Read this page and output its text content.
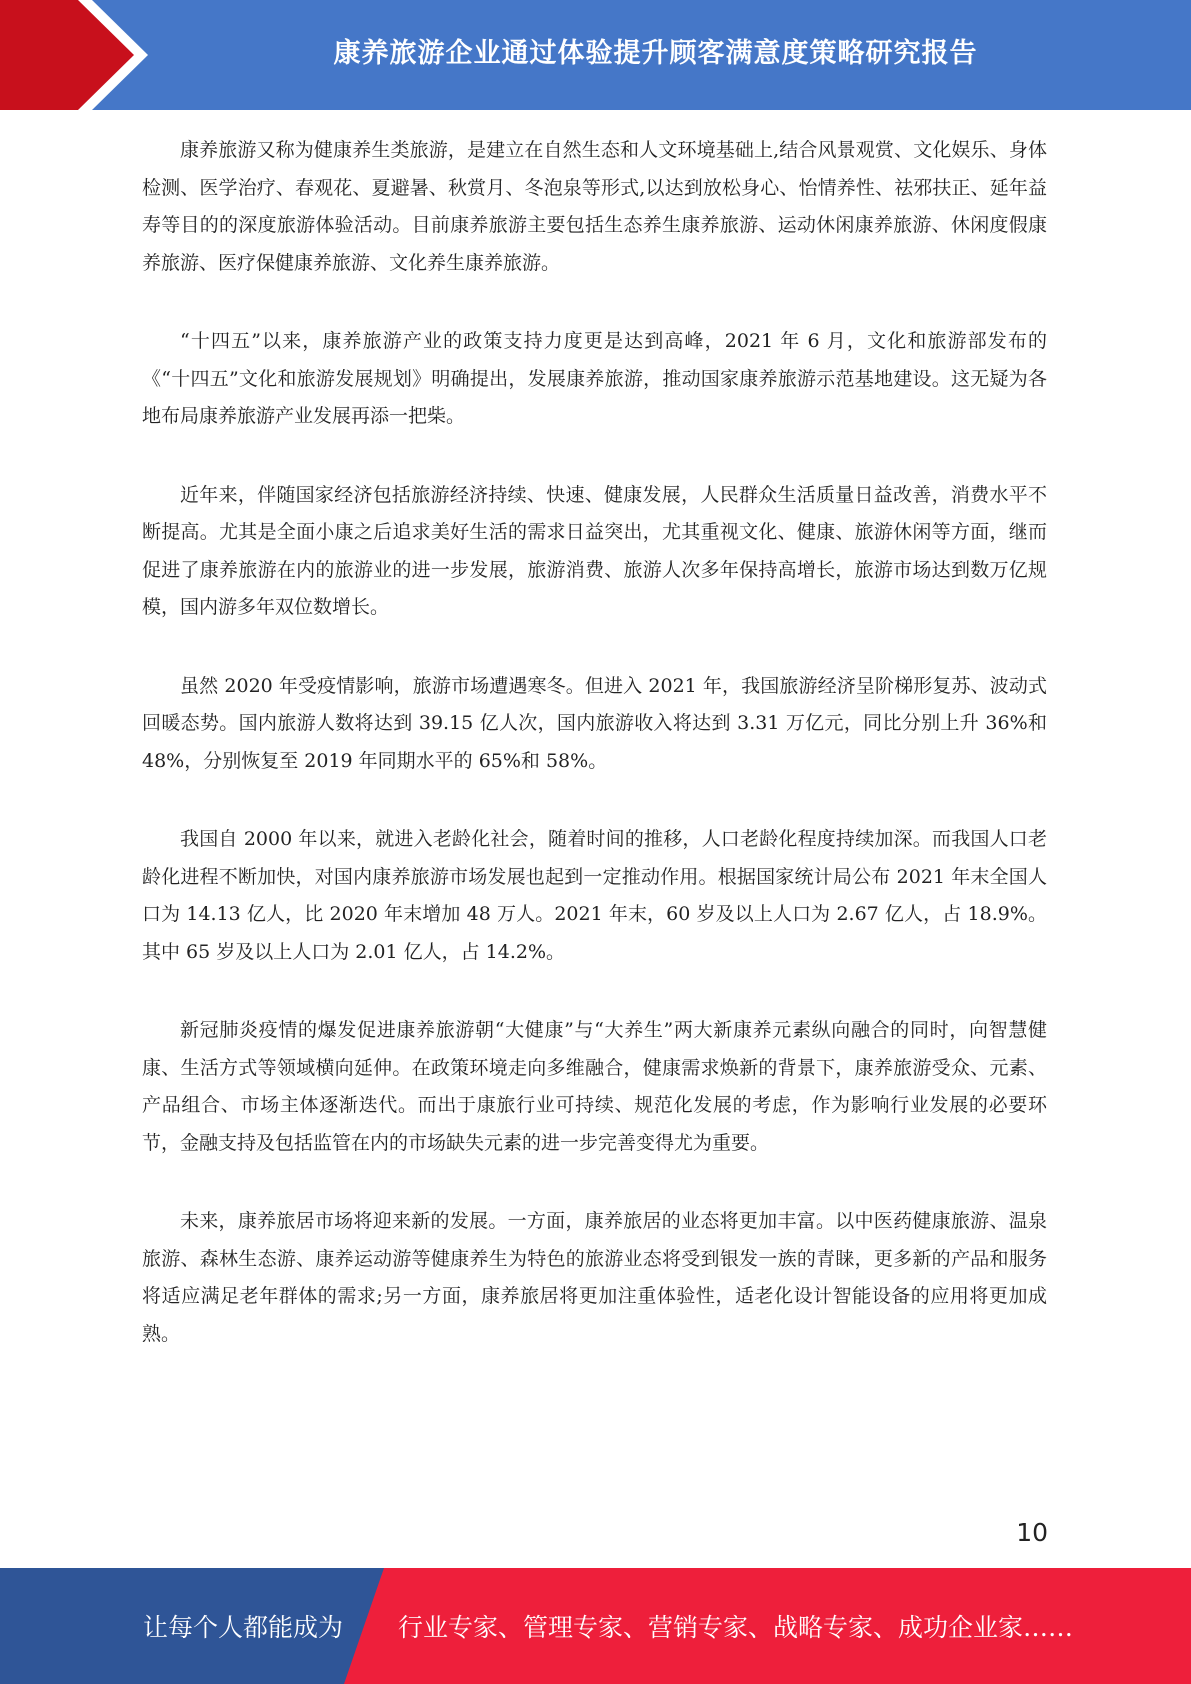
康养旅游企业通过体验提升顾客满意度策略研究报告

康养旅游又称为健康养生类旅游，是建立在自然生态和人文环境基础上,结合风景观赏、文化娱乐、身体检测、医学治疗、春观花、夏避暑、秋赏月、冬泡泉等形式,以达到放松身心、怡情养性、祛邪扶正、延年益寿等目的的深度旅游体验活动。目前康养旅游主要包括生态养生康养旅游、运动休闲康养旅游、休闲度假康养旅游、医疗保健康养旅游、文化养生康养旅游。

“十四五”以来，康养旅游产业的政策支持力度更是达到高峰，2021 年 6 月，文化和旅游部发布的《“十四五”文化和旅游发展规划》明确提出，发展康养旅游，推动国家康养旅游示范基地建设。这无疑为各地布局康养旅游产业发展再添一把柴。

近年来，伴随国家经济包括旅游经济持续、快速、健康发展，人民群众生活质量日益改善，消费水平不断提高。尤其是全面小康之后追求美好生活的需求日益突出，尤其重视文化、健康、旅游休闲等方面，继而促进了康养旅游在内的旅游业的进一步发展，旅游消费、旅游人次多年保持高增长，旅游市场达到数万亿规模，国内游多年双位数增长。

虽然 2020 年受疫情影响，旅游市场遭遇寒冬。但进入 2021 年，我国旅游经济呈阶梯形复苏、波动式回暖态势。国内旅游人数将达到 39.15 亿人次，国内旅游收入将达到 3.31 万亿元，同比分别上升 36%和 48%，分别恢复至 2019 年同期水平的 65%和 58%。

我国自 2000 年以来，就进入老龄化社会，随着时间的推移，人口老龄化程度持续加深。而我国人口老龄化进程不断加快，对国内康养旅游市场发展也起到一定推动作用。根据国家统计局公布 2021 年末全国人口为 14.13 亿人，比 2020 年末增加 48 万人。2021 年末，60 岁及以上人口为 2.67 亿人，占 18.9%。其中 65 岁及以上人口为 2.01 亿人，占 14.2%。

新冠肺炎疫情的爆发促进康养旅游朝“大健康”与“大养生”两大新康养元素纵向融合的同时，向智慧健康、生活方式等领域横向延伸。在政策环境走向多维融合，健康需求焕新的背景下，康养旅游受众、元素、产品组合、市场主体逐渐迭代。而出于康旅行业可持续、规范化发展的考虑，作为影响行业发展的必要环节，金融支持及包括监管在内的市场缺失元素的进一步完善变得尤为重要。

未来，康养旅居市场将迎来新的发展。一方面，康养旅居的业态将更加丰富。以中医药健康旅游、温泉旅游、森林生态游、康养运动游等健康养生为特色的旅游业态将受到银发一族的青睐，更多新的产品和服务将适应满足老年群体的需求;另一方面，康养旅居将更加注重体验性，适老化设计智能设备的应用将更加成熟。

10
让每个人都能成为 行业专家、管理专家、营销专家、战略专家、成功企业家……
